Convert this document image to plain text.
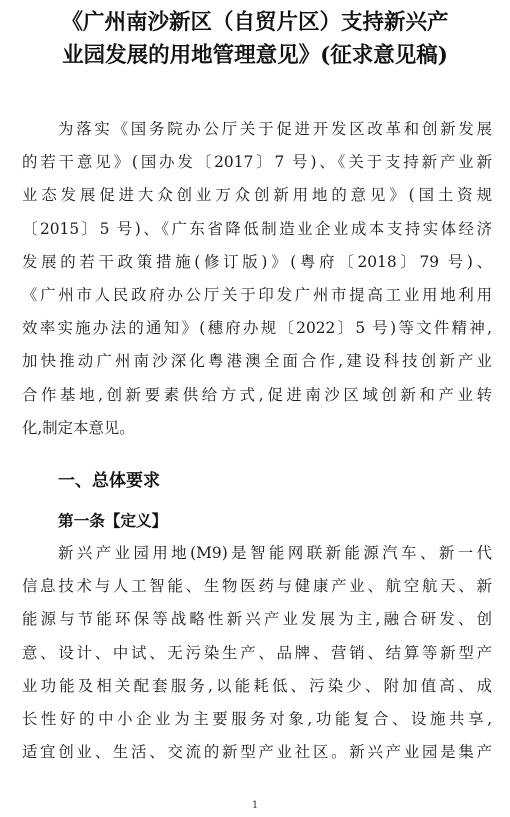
《广州南沙新区（自贸片区）支持新兴产
业园发展的用地管理意见》(征求意见稿)
为落实《国务院办公厅关于促进开发区改革和创新发展
的若干意见》(国办发〔2017〕7 号)、《关于支持新产业新
业态发展促进大众创业万众创新用地的意见》(国土资规
〔2015〕5 号)、《广东省降低制造业企业成本支持实体经济
发展的若干政策措施(修订版)》(粤府〔2018〕79 号)、
《广州市人民政府办公厅关于印发广州市提高工业用地利用
效率实施办法的通知》(穗府办规〔2022〕5 号)等文件精神,
加快推动广州南沙深化粤港澳全面合作,建设科技创新产业
合作基地,创新要素供给方式,促进南沙区域创新和产业转
化,制定本意见。
一、总体要求
第一条【定义】
新兴产业园用地(M9)是智能网联新能源汽车、新一代
信息技术与人工智能、生物医药与健康产业、航空航天、新
能源与节能环保等战略性新兴产业发展为主,融合研发、创
意、设计、中试、无污染生产、品牌、营销、结算等新型产
业功能及相关配套服务,以能耗低、污染少、附加值高、成
长性好的中小企业为主要服务对象,功能复合、设施共享,
适宜创业、生活、交流的新型产业社区。新兴产业园是集产
1
